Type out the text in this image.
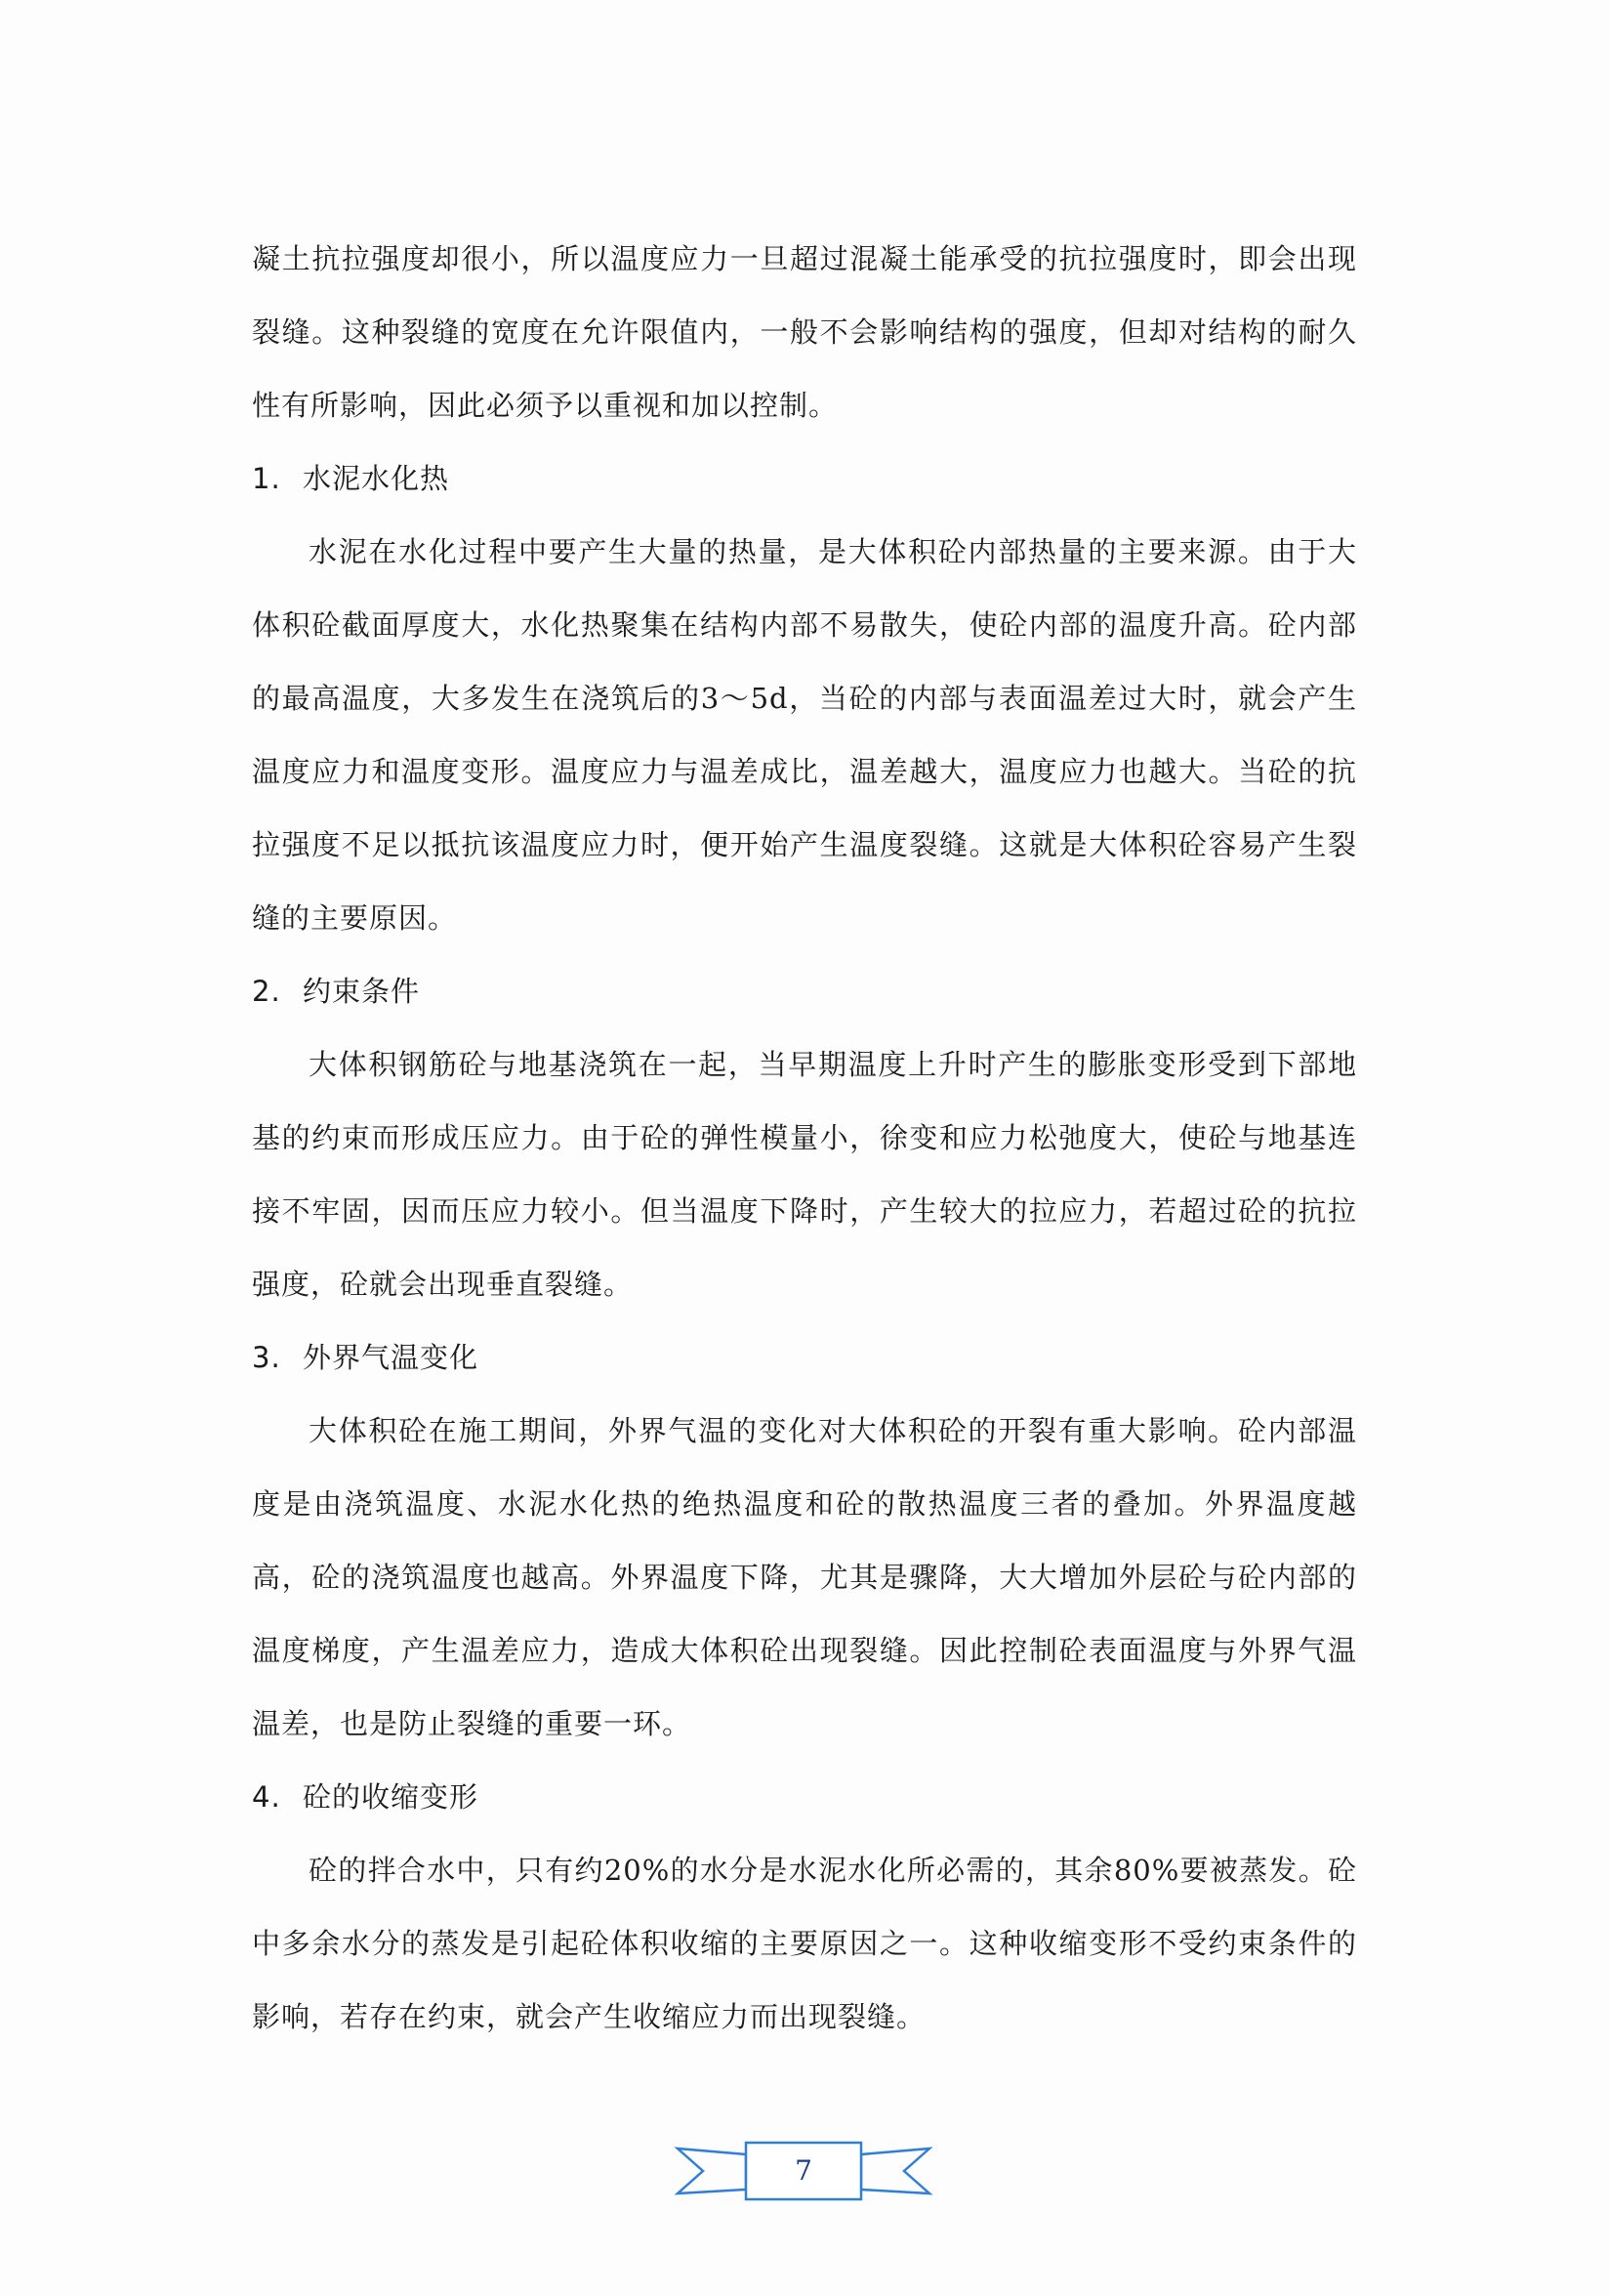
凝土抗拉强度却很小，所以温度应力一旦超过混凝土能承受的抗拉强度时，即会出现裂缝。这种裂缝的宽度在允许限值内，一般不会影响结构的强度，但却对结构的耐久性有所影响，因此必须予以重视和加以控制。

1. 水泥水化热

水泥在水化过程中要产生大量的热量，是大体积砼内部热量的主要来源。由于大体积砼截面厚度大，水化热聚集在结构内部不易散失，使砼内部的温度升高。砼内部的最高温度，大多发生在浇筑后的3～5d，当砼的内部与表面温差过大时，就会产生温度应力和温度变形。温度应力与温差成比，温差越大，温度应力也越大。当砼的抗拉强度不足以抵抗该温度应力时，便开始产生温度裂缝。这就是大体积砼容易产生裂缝的主要原因。

2. 约束条件

大体积钢筋砼与地基浇筑在一起，当早期温度上升时产生的膨胀变形受到下部地基的约束而形成压应力。由于砼的弹性模量小，徐变和应力松弛度大，使砼与地基连接不牢固，因而压应力较小。但当温度下降时，产生较大的拉应力，若超过砼的抗拉强度，砼就会出现垂直裂缝。

3. 外界气温变化

大体积砼在施工期间，外界气温的变化对大体积砼的开裂有重大影响。砼内部温度是由浇筑温度、水泥水化热的绝热温度和砼的散热温度三者的叠加。外界温度越高，砼的浇筑温度也越高。外界温度下降，尤其是骤降，大大增加外层砼与砼内部的温度梯度，产生温差应力，造成大体积砼出现裂缝。因此控制砼表面温度与外界气温温差，也是防止裂缝的重要一环。

4. 砼的收缩变形

砼的拌合水中，只有约20%的水分是水泥水化所必需的，其余80%要被蒸发。砼中多余水分的蒸发是引起砼体积收缩的主要原因之一。这种收缩变形不受约束条件的影响，若存在约束，就会产生收缩应力而出现裂缝。

7
